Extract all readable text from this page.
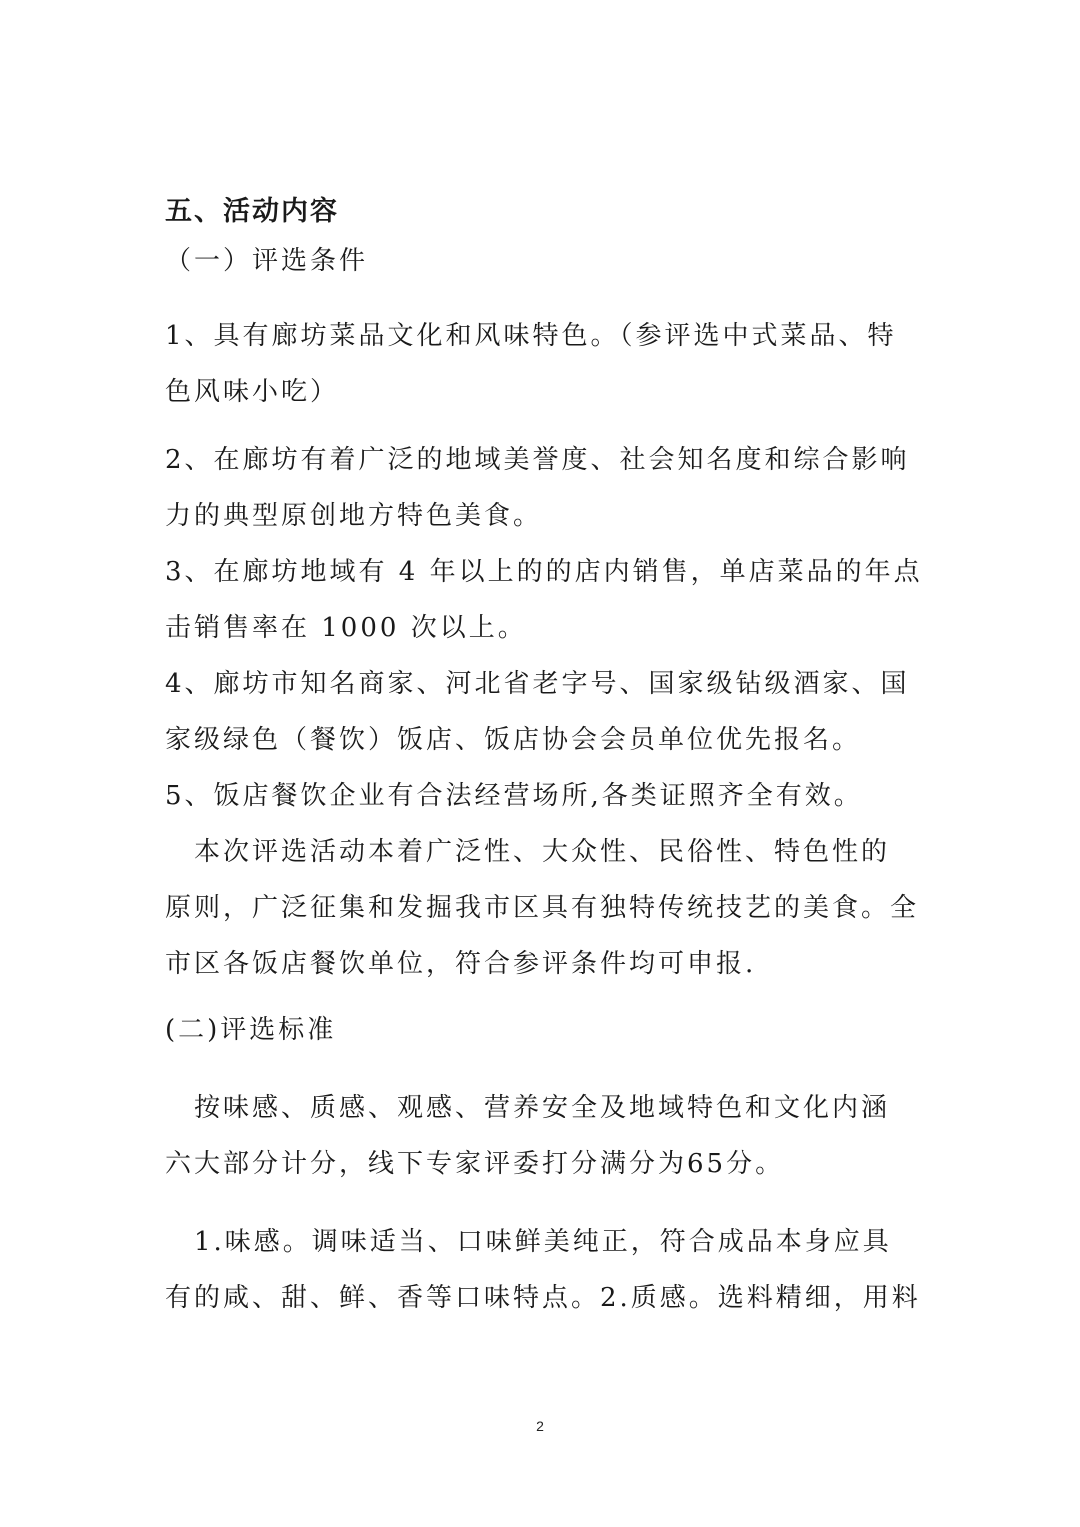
五、活动内容
（一）评选条件
1、具有廊坊菜品文化和风味特色。（参评选中式菜品、特
色风味小吃）
2、在廊坊有着广泛的地域美誉度、社会知名度和综合影响
力的典型原创地方特色美食。
3、在廊坊地域有 4 年以上的的店内销售，单店菜品的年点
击销售率在 1000 次以上。
4、廊坊市知名商家、河北省老字号、国家级钻级酒家、国
家级绿色（餐饮）饭店、饭店协会会员单位优先报名。
5、饭店餐饮企业有合法经营场所,各类证照齐全有效。
　本次评选活动本着广泛性、大众性、民俗性、特色性的
原则，广泛征集和发掘我市区具有独特传统技艺的美食。全
市区各饭店餐饮单位，符合参评条件均可申报.
(二)评选标准
　按味感、质感、观感、营养安全及地域特色和文化内涵
六大部分计分，线下专家评委打分满分为65分。
　1.味感。调味适当、口味鲜美纯正，符合成品本身应具
有的咸、甜、鲜、香等口味特点。2.质感。选料精细，用料
2
